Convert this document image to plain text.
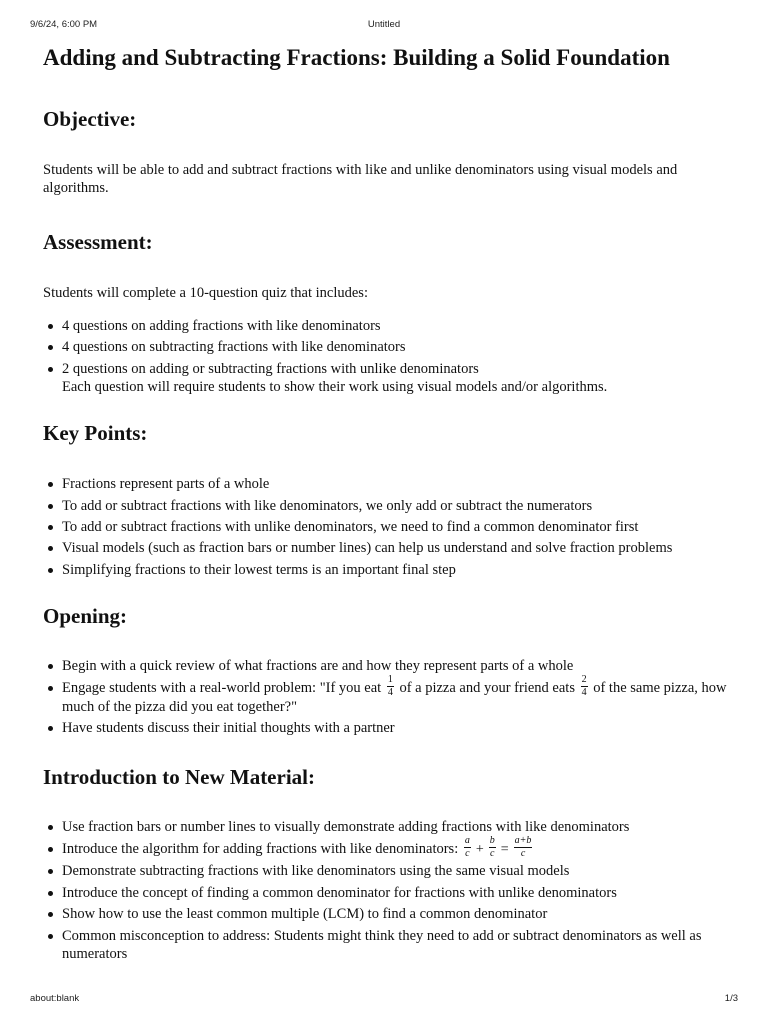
9/6/24, 6:00 PM	Untitled
Adding and Subtracting Fractions: Building a Solid Foundation
Objective:

Students will be able to add and subtract fractions with like and unlike denominators using visual models and algorithms.

Assessment:

Students will complete a 10-question quiz that includes:

4 questions on adding fractions with like denominators
4 questions on subtracting fractions with like denominators
2 questions on adding or subtracting fractions with unlike denominators
Each question will require students to show their work using visual models and/or algorithms.
Key Points:
Fractions represent parts of a whole
To add or subtract fractions with like denominators, we only add or subtract the numerators
To add or subtract fractions with unlike denominators, we need to find a common denominator first
Visual models (such as fraction bars or number lines) can help us understand and solve fraction problems
Simplifying fractions to their lowest terms is an important final step
Opening:
Begin with a quick review of what fractions are and how they represent parts of a whole
Engage students with a real-world problem: "If you eat $\frac{1}{4}$ of a pizza and your friend eats $\frac{2}{4}$ of the same pizza, how much of the pizza did you eat together?"
Have students discuss their initial thoughts with a partner
Introduction to New Material:
Use fraction bars or number lines to visually demonstrate adding fractions with like denominators
Introduce the algorithm for adding fractions with like denominators: $\frac{a}{c} + \frac{b}{c} = \frac{a+b}{c}$
Demonstrate subtracting fractions with like denominators using the same visual models
Introduce the concept of finding a common denominator for fractions with unlike denominators
Show how to use the least common multiple (LCM) to find a common denominator
Common misconception to address: Students might think they need to add or subtract denominators as well as numerators
about:blank	1/3
